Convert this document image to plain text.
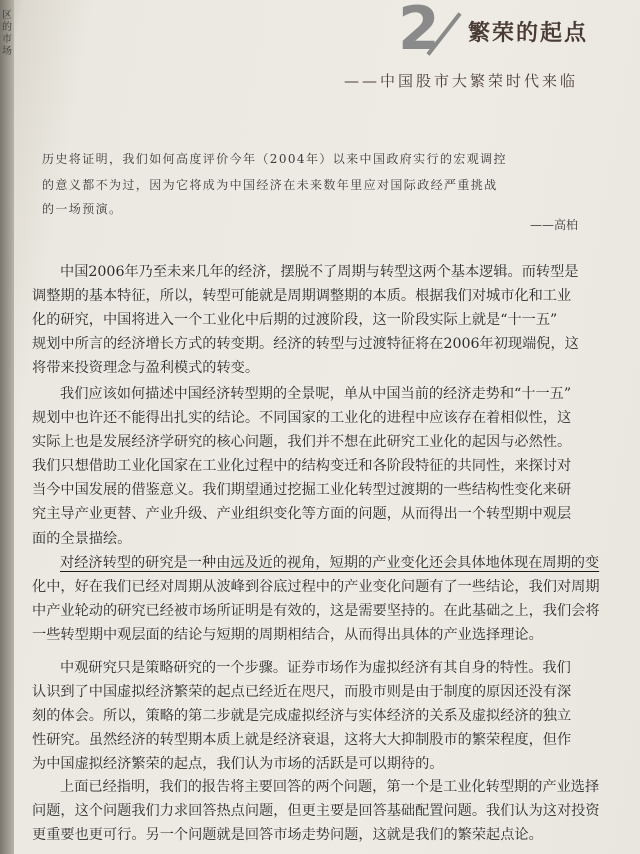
区的市场	2 繁荣的起点
——中国股市大繁荣时代来临
历史将证明，我们如何高度评价今年（2004年）以来中国政府实行的宏观调控
的意义都不为过，因为它将成为中国经济在未来数年里应对国际政经严重挑战
的一场预演。
——高柏
中国2006年乃至未来几年的经济，摆脱不了周期与转型这两个基本逻辑。而转型是
调整期的基本特征，所以，转型可能就是周期调整期的本质。根据我们对城市化和工业
化的研究，中国将进入一个工业化中后期的过渡阶段，这一阶段实际上就是“十一五”
规划中所言的经济增长方式的转变期。经济的转型与过渡特征将在2006年初现端倪，这
将带来投资理念与盈利模式的转变。
我们应该如何描述中国经济转型期的全景呢，单从中国当前的经济走势和“十一五”
规划中也许还不能得出扎实的结论。不同国家的工业化的进程中应该存在着相似性，这
实际上也是发展经济学研究的核心问题，我们并不想在此研究工业化的起因与必然性。
我们只想借助工业化国家在工业化过程中的结构变迁和各阶段特征的共同性，来探讨对
当今中国发展的借鉴意义。我们期望通过挖掘工业化转型过渡期的一些结构性变化来研
究主导产业更替、产业升级、产业组织变化等方面的问题，从而得出一个转型期中观层
面的全景描绘。
对经济转型的研究是一种由远及近的视角，短期的产业变化还会具体地体现在周期的变
化中，好在我们已经对周期从波峰到谷底过程中的产业变化问题有了一些结论，我们对周期
中产业轮动的研究已经被市场所证明是有效的，这是需要坚持的。在此基础之上，我们会将
一些转型期中观层面的结论与短期的周期相结合，从而得出具体的产业选择理论。
中观研究只是策略研究的一个步骤。证券市场作为虚拟经济有其自身的特性。我们
认识到了中国虚拟经济繁荣的起点已经近在咫尺，而股市则是由于制度的原因还没有深
刻的体会。所以，策略的第二步就是完成虚拟经济与实体经济的关系及虚拟经济的独立
性研究。虽然经济的转型期本质上就是经济衰退，这将大大抑制股市的繁荣程度，但作
为中国虚拟经济繁荣的起点，我们认为市场的活跃是可以期待的。
上面已经指明，我们的报告将主要回答的两个问题，第一个是工业化转型期的产业选择
问题，这个问题我们力求回答热点问题，但更主要是回答基础配置问题。我们认为这对投资
更重要也更可行。另一个问题就是回答市场走势问题，这就是我们的繁荣起点论。
